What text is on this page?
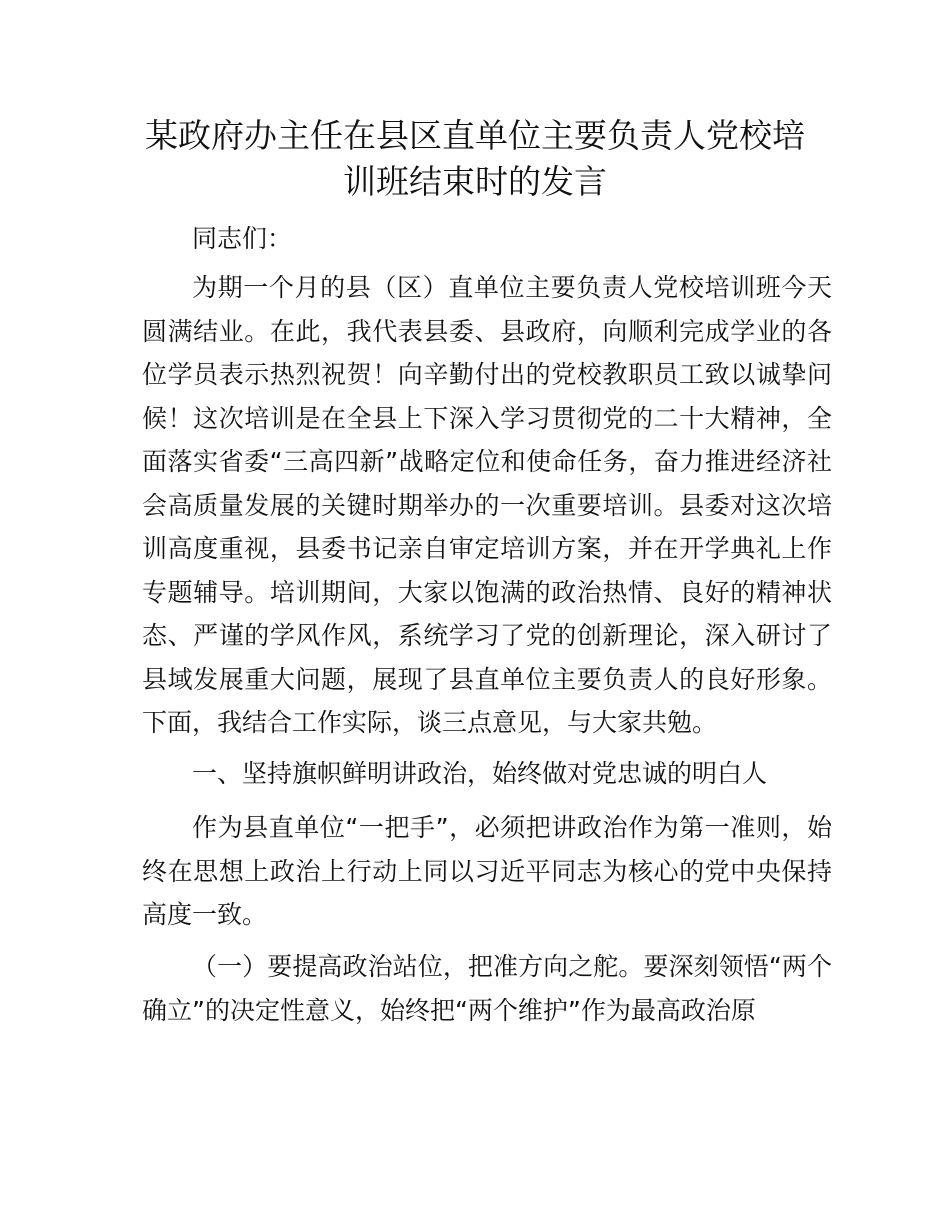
某政府办主任在县区直单位主要负责人党校培
训班结束时的发言

同志们：

为期一个月的县（区）直单位主要负责人党校培训班今天圆满结业。在此，我代表县委、县政府，向顺利完成学业的各位学员表示热烈祝贺！向辛勤付出的党校教职员工致以诚挚问候！这次培训是在全县上下深入学习贯彻党的二十大精神，全面落实省委“三高四新”战略定位和使命任务，奋力推进经济社会高质量发展的关键时期举办的一次重要培训。县委对这次培训高度重视，县委书记亲自审定培训方案，并在开学典礼上作专题辅导。培训期间，大家以饱满的政治热情、良好的精神状态、严谨的学风作风，系统学习了党的创新理论，深入研讨了县域发展重大问题，展现了县直单位主要负责人的良好形象。下面，我结合工作实际，谈三点意见，与大家共勉。

一、坚持旗帜鲜明讲政治，始终做对党忠诚的明白人

作为县直单位“一把手”，必须把讲政治作为第一准则，始终在思想上政治上行动上同以习近平同志为核心的党中央保持高度一致。

（一）要提高政治站位，把准方向之舵。要深刻领悟“两个确立”的决定性意义，始终把“两个维护”作为最高政治原
